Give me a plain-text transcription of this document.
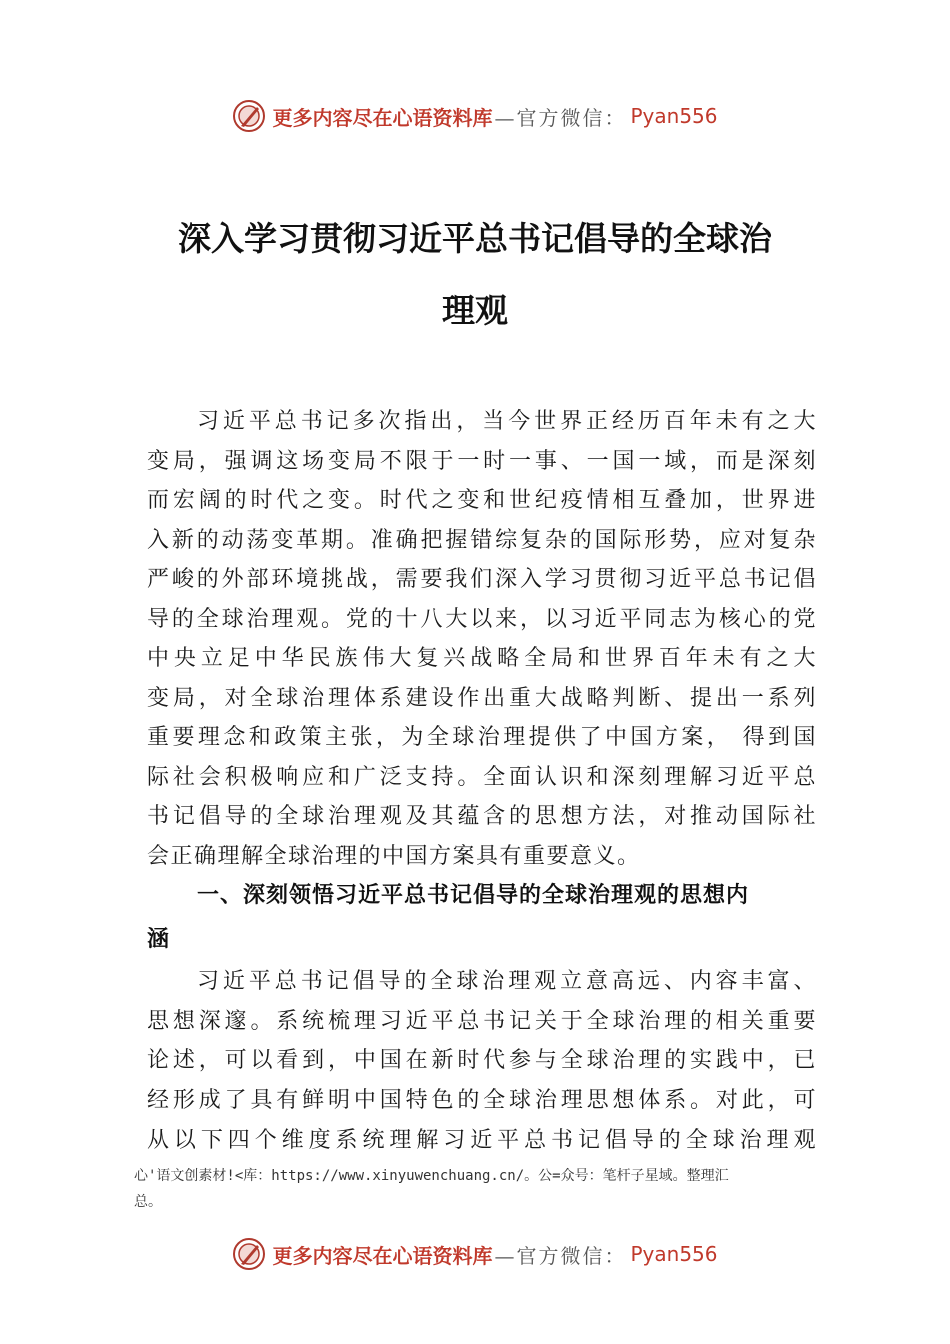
更多内容尽在心语资料库 —官方微信： Pyan556
深入学习贯彻习近平总书记倡导的全球治
理观
习近平总书记多次指出，当今世界正经历百年未有之大
变局，强调这场变局不限于一时一事、一国一域，而是深刻
而宏阔的时代之变。时代之变和世纪疫情相互叠加，世界进
入新的动荡变革期。准确把握错综复杂的国际形势，应对复杂
严峻的外部环境挑战，需要我们深入学习贯彻习近平总书记倡
导的全球治理观。党的十八大以来，以习近平同志为核心的党
中央立足中华民族伟大复兴战略全局和世界百年未有之大
变局，对全球治理体系建设作出重大战略判断、提出一系列
重要理念和政策主张，为全球治理提供了中国方案， 得到国
际社会积极响应和广泛支持。全面认识和深刻理解习近平总
书记倡导的全球治理观及其蕴含的思想方法，对推动国际社
会正确理解全球治理的中国方案具有重要意义。
一、深刻领悟习近平总书记倡导的全球治理观的思想内
涵
习近平总书记倡导的全球治理观立意高远、内容丰富、
思想深邃。系统梳理习近平总书记关于全球治理的相关重要
论述，可以看到，中国在新时代参与全球治理的实践中，已
经形成了具有鲜明中国特色的全球治理思想体系。对此，可
从以下四个维度系统理解习近平总书记倡导的全球治理观
心'语文创素材!<库：https://www.xinyuwenchuang.cn/。公=众号：笔杆子星域。整理汇
总。
更多内容尽在心语资料库 —官方微信： Pyan556
